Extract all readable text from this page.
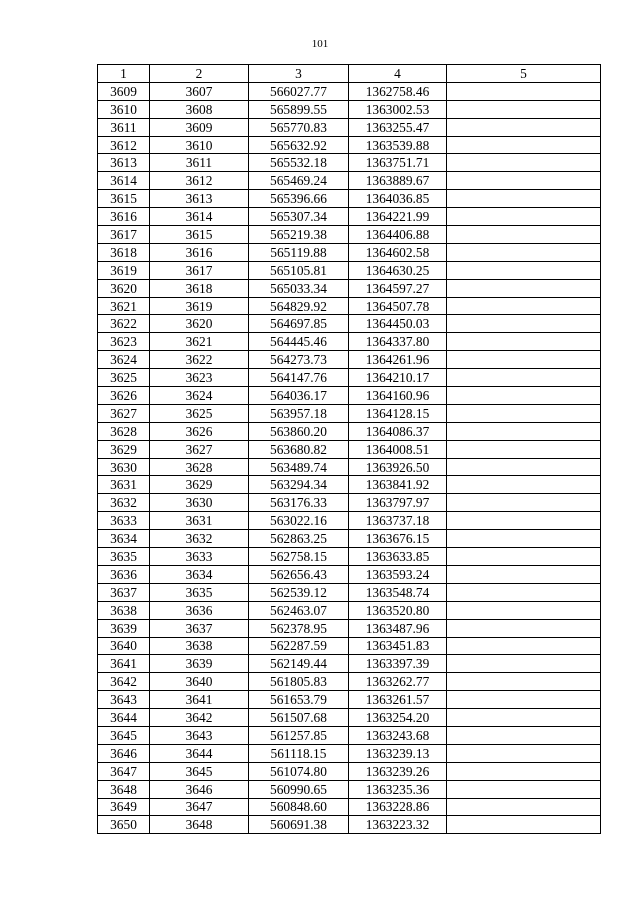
101
1	2	3	4	5
3609	3607	566027.77	1362758.46	
3610	3608	565899.55	1363002.53	
3611	3609	565770.83	1363255.47	
3612	3610	565632.92	1363539.88	
3613	3611	565532.18	1363751.71	
3614	3612	565469.24	1363889.67	
3615	3613	565396.66	1364036.85	
3616	3614	565307.34	1364221.99	
3617	3615	565219.38	1364406.88	
3618	3616	565119.88	1364602.58	
3619	3617	565105.81	1364630.25	
3620	3618	565033.34	1364597.27	
3621	3619	564829.92	1364507.78	
3622	3620	564697.85	1364450.03	
3623	3621	564445.46	1364337.80	
3624	3622	564273.73	1364261.96	
3625	3623	564147.76	1364210.17	
3626	3624	564036.17	1364160.96	
3627	3625	563957.18	1364128.15	
3628	3626	563860.20	1364086.37	
3629	3627	563680.82	1364008.51	
3630	3628	563489.74	1363926.50	
3631	3629	563294.34	1363841.92	
3632	3630	563176.33	1363797.97	
3633	3631	563022.16	1363737.18	
3634	3632	562863.25	1363676.15	
3635	3633	562758.15	1363633.85	
3636	3634	562656.43	1363593.24	
3637	3635	562539.12	1363548.74	
3638	3636	562463.07	1363520.80	
3639	3637	562378.95	1363487.96	
3640	3638	562287.59	1363451.83	
3641	3639	562149.44	1363397.39	
3642	3640	561805.83	1363262.77	
3643	3641	561653.79	1363261.57	
3644	3642	561507.68	1363254.20	
3645	3643	561257.85	1363243.68	
3646	3644	561118.15	1363239.13	
3647	3645	561074.80	1363239.26	
3648	3646	560990.65	1363235.36	
3649	3647	560848.60	1363228.86	
3650	3648	560691.38	1363223.32	
